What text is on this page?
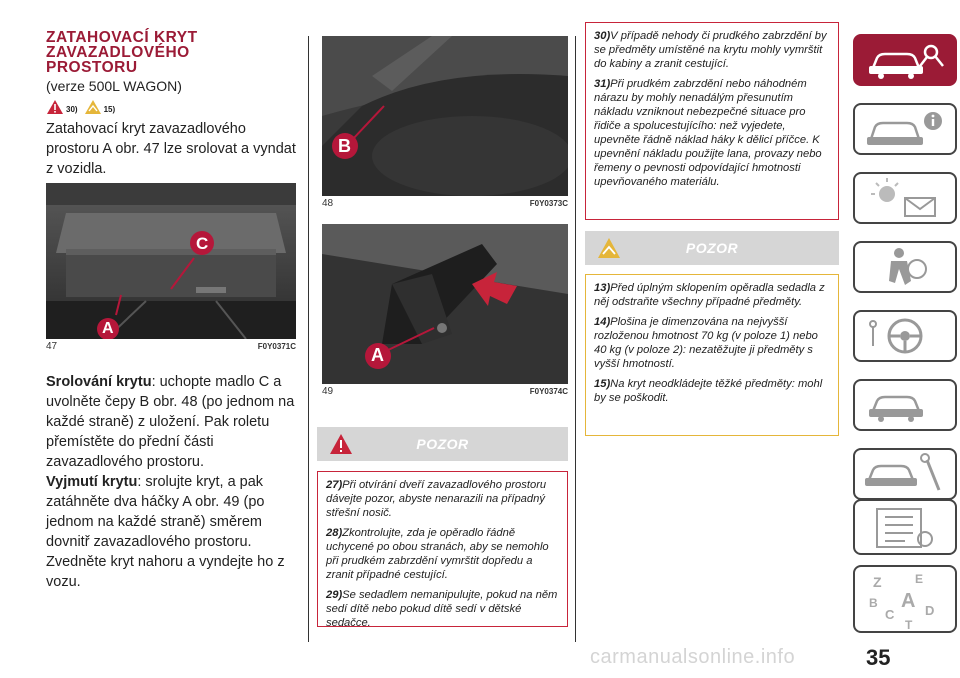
ZATAHOVACÍ KRYT
ZAVAZADLOVÉHO
PROSTORU
(verze 500L WAGON)
30)	15)

Zatahovací kryt zavazadlového prostoru A obr. 47 lze srolovat a vyndat z vozidla.

C
A
47	F0Y0371C

Srolování krytu: uchopte madlo C a uvolněte čepy B obr. 48 (po jednom na každé straně) z uložení. Pak roletu přemístěte do přední části zavazadlového prostoru.

Vyjmutí krytu: srolujte kryt, a pak zatáhněte dva háčky A obr. 49 (po jednom na každé straně) směrem dovnitř zavazadlového prostoru. Zvedněte kryt nahoru a vyndejte ho z vozu.

B
48	F0Y0373C
A
49	F0Y0374C
POZOR

27)Při otvírání dveří zavazadlového prostoru dávejte pozor, abyste nenarazili na případný střešní nosič.

28)Zkontrolujte, zda je opěradlo řádně uchycené po obou stranách, aby se nemohlo při prudkém zabrzdění vymrštit dopředu a zranit případné cestující.

29)Se sedadlem nemanipulujte, pokud na něm sedí dítě nebo pokud dítě sedí v dětské sedačce.

30)V případě nehody či prudkého zabrzdění by se předměty umístěné na krytu mohly vymrštit do kabiny a zranit cestující.

31)Při prudkém zabrzdění nebo náhodném nárazu by mohly nenadálým přesunutím nákladu vzniknout nebezpečné situace pro řidiče a spolucestujícího: než vyjedete, upevněte řádně náklad háky k dělicí příčce. K upevnění nákladu použijte lana, provazy nebo řemeny o pevnosti odpovídající hmotnosti upevňovaného materiálu.

POZOR

13)Před úplným sklopením opěradla sedadla z něj odstraňte všechny případné předměty.

14)Plošina je dimenzována na nejvyšší rozloženou hmotnost 70 kg (v poloze 1) nebo 40 kg (v poloze 2): nezatěžujte ji předměty s vyšší hmotností.

15)Na kryt neodkládejte těžké předměty: mohl by se poškodit.

Z	E
B A
C D
T
carmanualsonline.info	35
